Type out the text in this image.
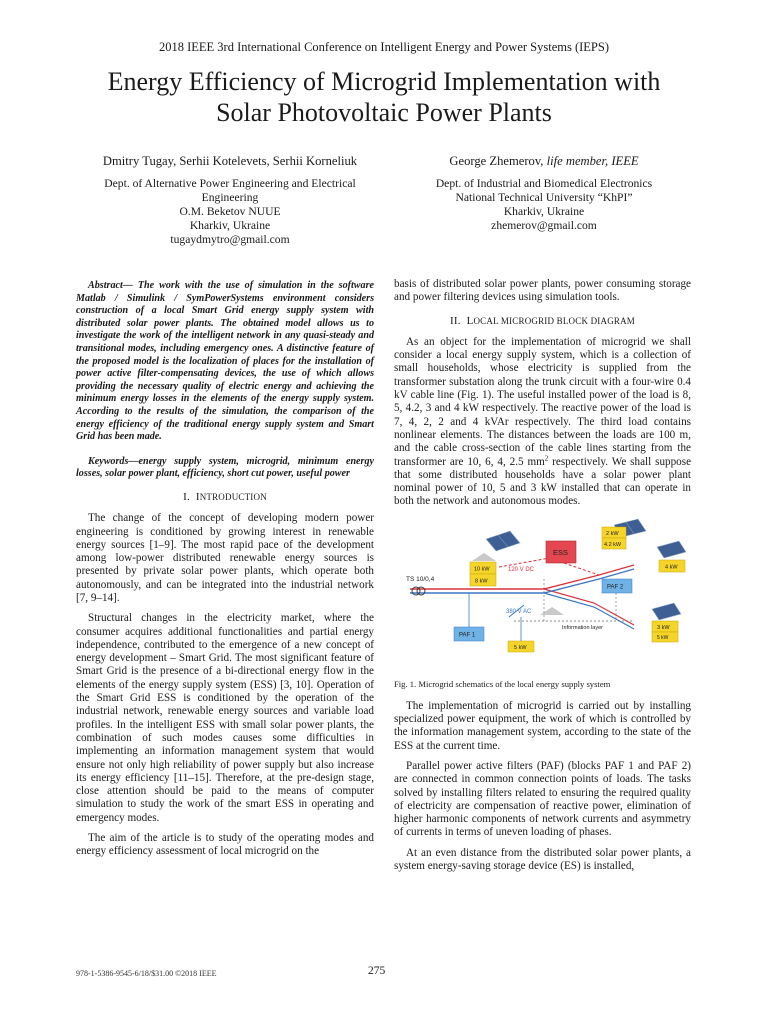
2018 IEEE 3rd International Conference on Intelligent Energy and Power Systems (IEPS)
Energy Efficiency of Microgrid Implementation with
Solar Photovoltaic Power Plants
Dmitry Tugay, Serhii Kotelevets, Serhii Korneliuk
Dept. of Alternative Power Engineering and Electrical
Engineering
O.M. Beketov NUUE
Kharkiv, Ukraine
tugaydmytro@gmail.com
George Zhemerov, life member, IEEE
Dept. of Industrial and Biomedical Electronics
National Technical University “KhPI”
Kharkiv, Ukraine
zhemerov@gmail.com
Abstract— The work with the use of simulation in the software Matlab / Simulink / SymPowerSystems environment considers construction of a local Smart Grid energy supply system with distributed solar power plants. The obtained model allows us to investigate the work of the intelligent network in any quasi-steady and transitional modes, including emergency ones. A distinctive feature of the proposed model is the localization of places for the installation of power active filter-compensating devices, the use of which allows providing the necessary quality of electric energy and achieving the minimum energy losses in the elements of the energy supply system. According to the results of the simulation, the comparison of the energy efficiency of the traditional energy supply system and Smart Grid has been made.
Keywords—energy supply system, microgrid, minimum energy losses, solar power plant, efficiency, short cut power, useful power
I. INTRODUCTION
The change of the concept of developing modern power engineering is conditioned by growing interest in renewable energy sources [1–9]. The most rapid pace of the development among low-power distributed renewable energy sources is presented by private solar power plants, which operate both autonomously, and can be integrated into the industrial network [7, 9–14].
Structural changes in the electricity market, where the consumer acquires additional functionalities and partial energy independence, contributed to the emergence of a new concept of energy development – Smart Grid. The most significant feature of Smart Grid is the presence of a bi-directional energy flow in the elements of the energy supply system (ESS) [3, 10]. Operation of the Smart Grid ESS is conditioned by the operation of the industrial network, renewable energy sources and variable load profiles. In the intelligent ESS with small solar power plants, the combination of such modes causes some difficulties in implementing an information management system that would ensure not only high reliability of power supply but also increase its energy efficiency [11–15]. Therefore, at the pre-design stage, close attention should be paid to the means of computer simulation to study the work of the smart ESS in operating and emergency modes.
The aim of the article is to study of the operating modes and energy efficiency assessment of local microgrid on the
basis of distributed solar power plants, power consuming storage and power filtering devices using simulation tools.
II. LOCAL MICROGRID BLOCK DIAGRAM
As an object for the implementation of microgrid we shall consider a local energy supply system, which is a collection of small households, whose electricity is supplied from the transformer substation along the trunk circuit with a four-wire 0.4 kV cable line (Fig. 1). The useful installed power of the load is 8, 5, 4.2, 3 and 4 kW respectively. The reactive power of the load is 7, 4, 2, 2 and 4 kVAr respectively. The third load contains nonlinear elements. The distances between the loads are 100 m, and the cable cross-section of the cable lines starting from the transformer are 10, 6, 4, 2.5 $mm^2$ respectively. We shall suppose that some distributed households have a solar power plant nominal power of 10, 5 and 3 kW installed that can operate in both the network and autonomous modes.
TS 10/0,4
10 kW
8 kW
ESS
120 V DC
2 kW
4.2 kW
4 kW
PAF 2
3 kW
5 kW
380 V AC
Information layer
PAF 1
5 kW
Fig. 1. Microgrid schematics of the local energy supply system
The implementation of microgrid is carried out by installing specialized power equipment, the work of which is controlled by the information management system, according to the state of the ESS at the current time.
Parallel power active filters (PAF) (blocks PAF 1 and PAF 2) are connected in common connection points of loads. The tasks solved by installing filters related to ensuring the required quality of electricity are compensation of reactive power, elimination of higher harmonic components of network currents and asymmetry of currents in terms of uneven loading of phases.
At an even distance from the distributed solar power plants, a system energy-saving storage device (ES) is installed,
978-1-5386-9545-6/18/$31.00 ©2018 IEEE	275
